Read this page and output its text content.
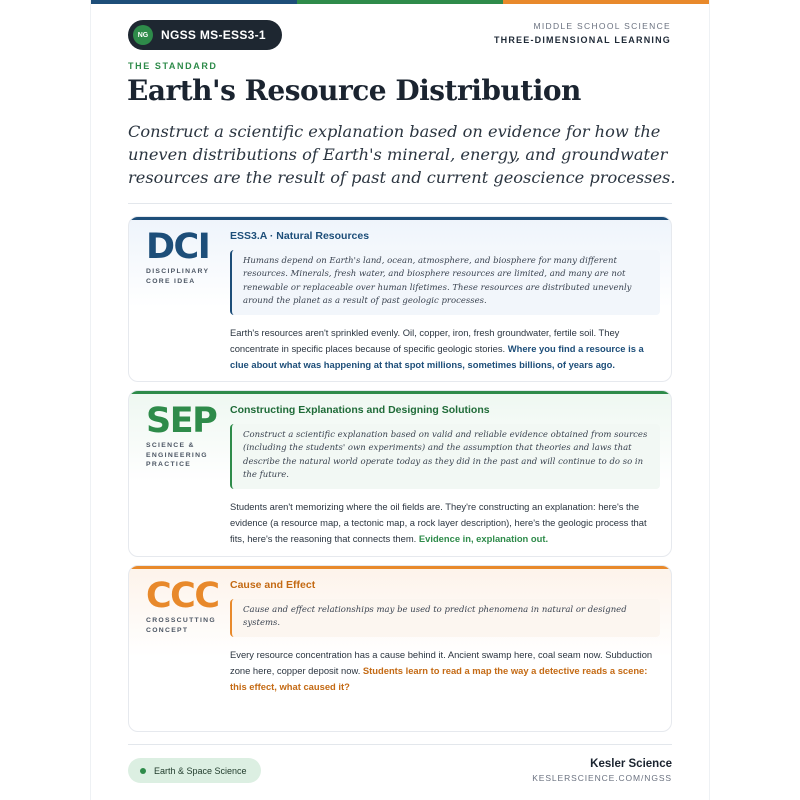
NG	NGSS MS-ESS3-1
MIDDLE SCHOOL SCIENCE
THREE-DIMENSIONAL LEARNING
THE STANDARD
Earth's Resource Distribution
Construct a scientific explanation based on evidence for how the uneven distributions of Earth's mineral, energy, and groundwater resources are the result of past and current geoscience processes.
DCI
DISCIPLINARY
CORE IDEA
ESS3.A · Natural Resources
Humans depend on Earth's land, ocean, atmosphere, and biosphere for many different resources. Minerals, fresh water, and biosphere resources are limited, and many are not renewable or replaceable over human lifetimes. These resources are distributed unevenly around the planet as a result of past geologic processes.
Earth's resources aren't sprinkled evenly. Oil, copper, iron, fresh groundwater, fertile soil. They concentrate in specific places because of specific geologic stories. Where you find a resource is a clue about what was happening at that spot millions, sometimes billions, of years ago.
SEP
SCIENCE &
ENGINEERING
PRACTICE
Constructing Explanations and Designing Solutions
Construct a scientific explanation based on valid and reliable evidence obtained from sources (including the students' own experiments) and the assumption that theories and laws that describe the natural world operate today as they did in the past and will continue to do so in the future.
Students aren't memorizing where the oil fields are. They're constructing an explanation: here's the evidence (a resource map, a tectonic map, a rock layer description), here's the geologic process that fits, here's the reasoning that connects them. Evidence in, explanation out.
CCC
CROSSCUTTING
CONCEPT
Cause and Effect
Cause and effect relationships may be used to predict phenomena in natural or designed systems.
Every resource concentration has a cause behind it. Ancient swamp here, coal seam now. Subduction zone here, copper deposit now. Students learn to read a map the way a detective reads a scene: this effect, what caused it?
Earth & Space Science
Kesler Science
KESLERSCIENCE.COM/NGSS
